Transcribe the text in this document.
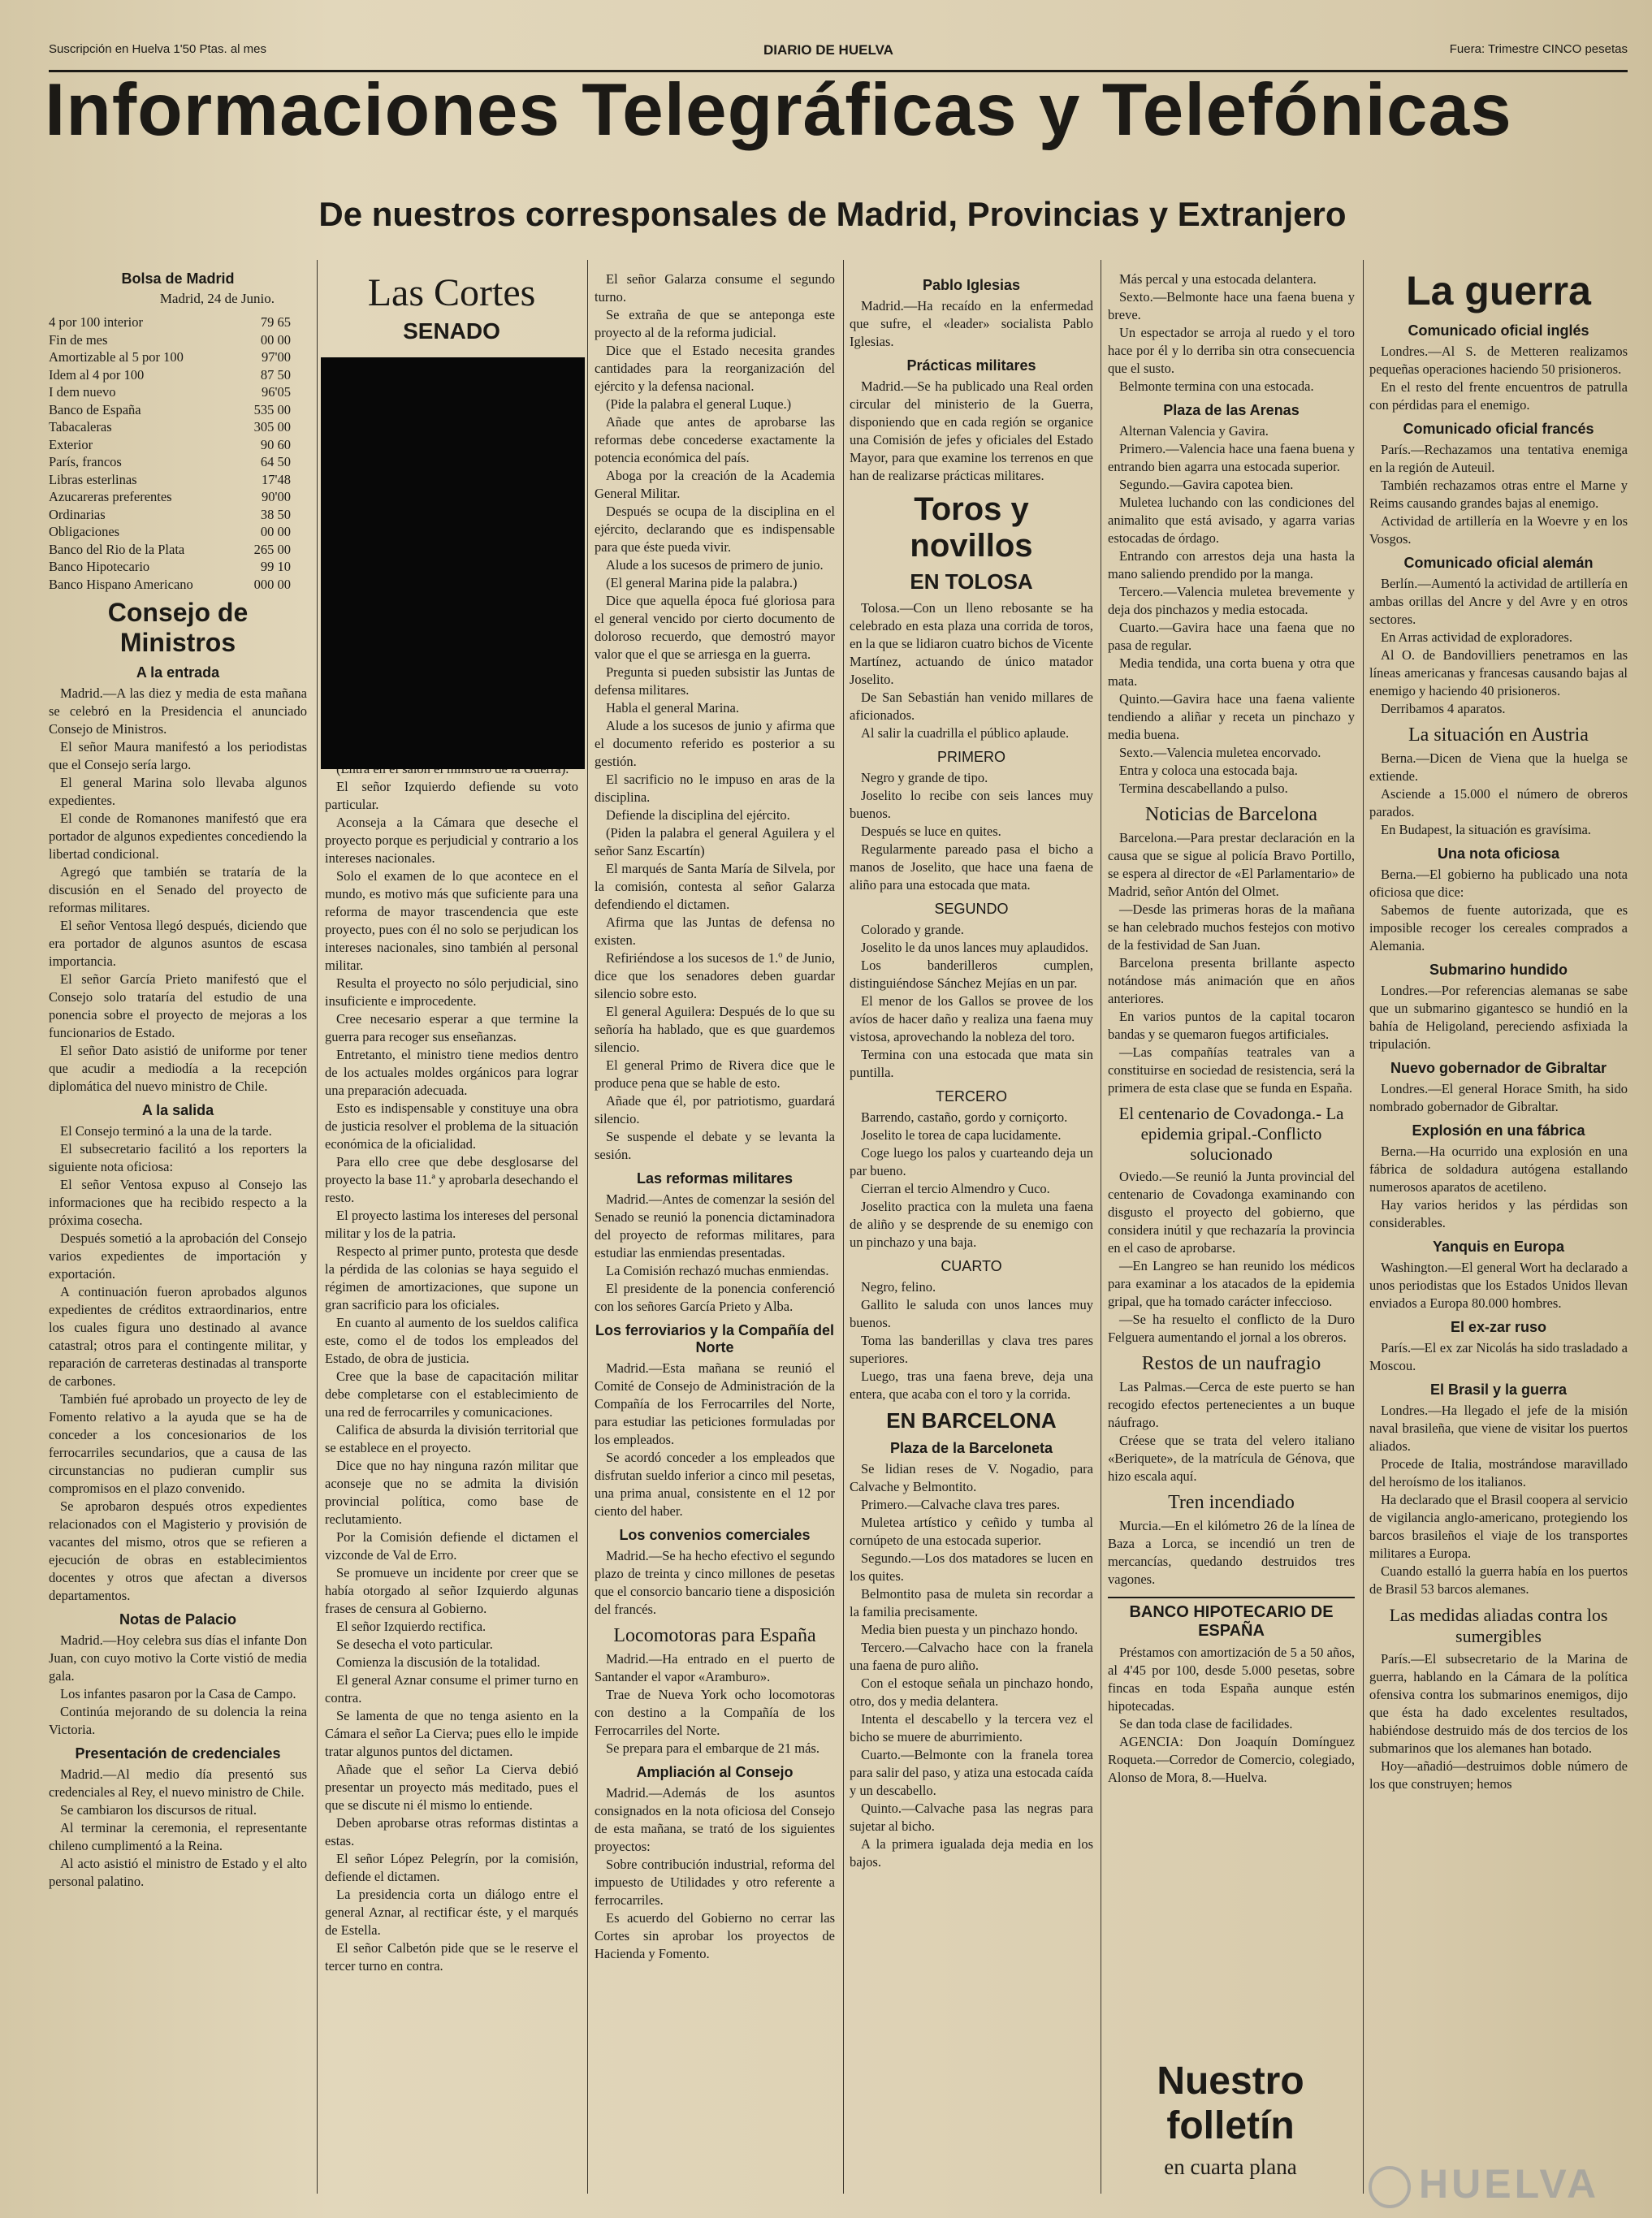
Suscripción en Huelva 1'50 Ptas. al mes	DIARIO DE HUELVA	Fuera: Trimestre CINCO pesetas
Informaciones Telegráficas y Telefónicas
De nuestros corresponsales de Madrid, Provincias y Extranjero
Bolsa de Madrid
Madrid, 24 de Junio.
4 por 100 interior	79 65
Fin de mes	00 00
Amortizable al 5 por 100	97'00
Idem al 4 por 100	87 50
I dem nuevo	96'05
Banco de España	535 00
Tabacaleras	305 00
Exterior	90 60
París, francos	64 50
Libras esterlinas	17'48
Azucareras preferentes	90'00
Ordinarias	38 50
Obligaciones	00 00
Banco del Rio de la Plata	265 00
Banco Hipotecario	99 10
Banco Hispano Americano	000 00
Consejo de Ministros
A la entrada

Madrid.—A las diez y media de esta mañana se celebró en la Presidencia el anunciado Consejo de Ministros.

El señor Maura manifestó a los periodistas que el Consejo sería largo.

El general Marina solo llevaba algunos expedientes.

El conde de Romanones manifestó que era portador de algunos expedientes concediendo la libertad condicional.

Agregó que también se trataría de la discusión en el Senado del proyecto de reformas militares.

El señor Ventosa llegó después, diciendo que era portador de algunos asuntos de escasa importancia.

El señor García Prieto manifestó que el Consejo solo trataría del estudio de una ponencia sobre el proyecto de mejoras a los funcionarios de Estado.

El señor Dato asistió de uniforme por tener que acudir a mediodía a la recepción diplomática del nuevo ministro de Chile.

A la salida

El Consejo terminó a la una de la tarde.

El subsecretario facilitó a los reporters la siguiente nota oficiosa:

El señor Ventosa expuso al Consejo las informaciones que ha recibido respecto a la próxima cosecha.

Después sometió a la aprobación del Consejo varios expedientes de importación y exportación.

A continuación fueron aprobados algunos expedientes de créditos extraordinarios, entre los cuales figura uno destinado al avance catastral; otros para el contingente militar, y reparación de carreteras destinadas al transporte de carbones.

También fué aprobado un proyecto de ley de Fomento relativo a la ayuda que se ha de conceder a los concesionarios de los ferrocarriles secundarios, que a causa de las circunstancias no pudieran cumplir sus compromisos en el plazo convenido.

Se aprobaron después otros expedientes relacionados con el Magisterio y provisión de vacantes del mismo, otros que se refieren a ejecución de obras en establecimientos docentes y otros que afectan a diversos departamentos.

Notas de Palacio

Madrid.—Hoy celebra sus días el infante Don Juan, con cuyo motivo la Corte vistió de media gala.

Los infantes pasaron por la Casa de Campo.

Continúa mejorando de su dolencia la reina Victoria.

Presentación de credenciales

Madrid.—Al medio día presentó sus credenciales al Rey, el nuevo ministro de Chile.

Se cambiaron los discursos de ritual.

Al terminar la ceremonia, el representante chileno cumplimentó a la Reina.

Al acto asistió el ministro de Estado y el alto personal palatino.

Las Cortes
SENADO

El señor Izquierdo defiende su voto particular.

Aconseja a la Cámara que deseche el proyecto porque es perjudicial y contrario a los intereses nacionales.

Solo el examen de lo que acontece en el mundo, es motivo más que suficiente para una reforma de mayor trascendencia que este proyecto, pues con él no solo se perjudican los intereses nacionales, sino también al personal militar.

Resulta el proyecto no sólo perjudicial, sino insuficiente e improcedente.

Cree necesario esperar a que termine la guerra para recoger sus enseñanzas.

Entretanto, el ministro tiene medios dentro de los actuales moldes orgánicos para lograr una preparación adecuada.

Esto es indispensable y constituye una obra de justicia resolver el problema de la situación económica de la oficialidad.

Para ello cree que debe desglosarse del proyecto la base 11.ª y aprobarla desechando el resto.

El proyecto lastima los intereses del personal militar y los de la patria.

Respecto al primer punto, protesta que desde la pérdida de las colonias se haya seguido el régimen de amortizaciones, que supone un gran sacrificio para los oficiales.

En cuanto al aumento de los sueldos califica este, como el de todos los empleados del Estado, de obra de justicia.

Cree que la base de capacitación militar debe completarse con el establecimiento de una red de ferrocarriles y comunicaciones.

Califica de absurda la división territorial que se establece en el proyecto.

Dice que no hay ninguna razón militar que aconseje que no se admita la división provincial política, como base de reclutamiento.

Por la Comisión defiende el dictamen el vizconde de Val de Erro.

Se promueve un incidente por creer que se había otorgado al señor Izquierdo algunas frases de censura al Gobierno.

El señor Izquierdo rectifica.

Se desecha el voto particular.

Comienza la discusión de la totalidad.

El general Aznar consume el primer turno en contra.

Se lamenta de que no tenga asiento en la Cámara el señor La Cierva; pues ello le impide tratar algunos puntos del dictamen.

Añade que el señor La Cierva debió presentar un proyecto más meditado, pues el que se discute ni él mismo lo entiende.

Deben aprobarse otras reformas distintas a estas.

El señor López Pelegrín, por la comisión, defiende el dictamen.

La presidencia corta un diálogo entre el general Aznar, al rectificar éste, y el marqués de Estella.

El señor Calbetón pide que se le reserve el tercer turno en contra.

El señor Galarza consume el segundo turno.

Se extraña de que se anteponga este proyecto al de la reforma judicial.

Dice que el Estado necesita grandes cantidades para la reorganización del ejército y la defensa nacional.

(Pide la palabra el general Luque.)

Añade que antes de aprobarse las reformas debe concederse exactamente la potencia económica del país.

Aboga por la creación de la Academia General Militar.

Después se ocupa de la disciplina en el ejército, declarando que es indispensable para que éste pueda vivir.

Alude a los sucesos de primero de junio.

(El general Marina pide la palabra.)

Dice que aquella época fué gloriosa para el general vencido por cierto documento de doloroso recuerdo, que demostró mayor valor que el que se arriesga en la guerra.

Pregunta si pueden subsistir las Juntas de defensa militares.

Habla el general Marina.

Alude a los sucesos de junio y afirma que el documento referido es posterior a su gestión.

El sacrificio no le impuso en aras de la disciplina.

Defiende la disciplina del ejército.

(Piden la palabra el general Aguilera y el señor Sanz Escartín)

El marqués de Santa María de Silvela, por la comisión, contesta al señor Galarza defendiendo el dictamen.

Afirma que las Juntas de defensa no existen.

Refiriéndose a los sucesos de 1.º de Junio, dice que los senadores deben guardar silencio sobre esto.

El general Aguilera: Después de lo que su señoría ha hablado, que es que guardemos silencio.

El general Primo de Rivera dice que le produce pena que se hable de esto.

Añade que él, por patriotismo, guardará silencio.

Se suspende el debate y se levanta la sesión.

Las reformas militares

Madrid.—Antes de comenzar la sesión del Senado se reunió la ponencia dictaminadora del proyecto de reformas militares, para estudiar las enmiendas presentadas.

La Comisión rechazó muchas enmiendas.

El presidente de la ponencia conferenció con los señores García Prieto y Alba.

Los ferroviarios y la Compañía del Norte

Madrid.—Esta mañana se reunió el Comité de Consejo de Administración de la Compañía de los Ferrocarriles del Norte, para estudiar las peticiones formuladas por los empleados.

Se acordó conceder a los empleados que disfrutan sueldo inferior a cinco mil pesetas, una prima anual, consistente en el 12 por ciento del haber.

Los convenios comerciales

Madrid.—Se ha hecho efectivo el segundo plazo de treinta y cinco millones de pesetas que el consorcio bancario tiene a disposición del francés.

Locomotoras para España

Madrid.—Ha entrado en el puerto de Santander el vapor «Aramburo».

Trae de Nueva York ocho locomotoras con destino a la Compañía de los Ferrocarriles del Norte.

Se prepara para el embarque de 21 más.

Ampliación al Consejo

Madrid.—Además de los asuntos consignados en la nota oficiosa del Consejo de esta mañana, se trató de los siguientes proyectos:

Sobre contribución industrial, reforma del impuesto de Utilidades y otro referente a ferrocarriles.

Es acuerdo del Gobierno no cerrar las Cortes sin aprobar los proyectos de Hacienda y Fomento.

Pablo Iglesias

Madrid.—Ha recaído en la enfermedad que sufre, el «leader» socialista Pablo Iglesias.

Prácticas militares

Madrid.—Se ha publicado una Real orden circular del ministerio de la Guerra, disponiendo que en cada región se organice una Comisión de jefes y oficiales del Estado Mayor, para que examine los terrenos en que han de realizarse prácticas militares.

Toros y novillos
EN TOLOSA

Tolosa.—Con un lleno rebosante se ha celebrado en esta plaza una corrida de toros, en la que se lidiaron cuatro bichos de Vicente Martínez, actuando de único matador Joselito.

De San Sebastián han venido millares de aficionados.

Al salir la cuadrilla el público aplaude.

PRIMERO

Negro y grande de tipo.

Joselito lo recibe con seis lances muy buenos.

Después se luce en quites.

Regularmente pareado pasa el bicho a manos de Joselito, que hace una faena de aliño para una estocada que mata.

SEGUNDO

Colorado y grande.

Joselito le da unos lances muy aplaudidos.

Los banderilleros cumplen, distinguiéndose Sánchez Mejías en un par.

El menor de los Gallos se provee de los avíos de hacer daño y realiza una faena muy vistosa, aprovechando la nobleza del toro.

Termina con una estocada que mata sin puntilla.

TERCERO

Barrendo, castaño, gordo y corniçorto.

Joselito le torea de capa lucidamente.

Coge luego los palos y cuarteando deja un par bueno.

Cierran el tercio Almendro y Cuco.

Joselito practica con la muleta una faena de aliño y se desprende de su enemigo con un pinchazo y una baja.

CUARTO

Negro, felino.

Gallito le saluda con unos lances muy buenos.

Toma las banderillas y clava tres pares superiores.

Luego, tras una faena breve, deja una entera, que acaba con el toro y la corrida.

EN BARCELONA
Plaza de la Barceloneta

Se lidian reses de V. Nogadio, para Calvache y Belmontito.

Primero.—Calvache clava tres pares.

Muletea artístico y ceñido y tumba al cornúpeto de una estocada superior.

Segundo.—Los dos matadores se lucen en los quites.

Belmontito pasa de muleta sin recordar a la familia precisamente.

Media bien puesta y un pinchazo hondo.

Tercero.—Calvacho hace con la franela una faena de puro aliño.

Con el estoque señala un pinchazo hondo, otro, dos y media delantera.

Intenta el descabello y la tercera vez el bicho se muere de aburrimiento.

Cuarto.—Belmonte con la franela torea para salir del paso, y atiza una estocada caída y un descabello.

Quinto.—Calvache pasa las negras para sujetar al bicho.

A la primera igualada deja media en los bajos.

Más percal y una estocada delantera.

Sexto.—Belmonte hace una faena buena y breve.

Un espectador se arroja al ruedo y el toro hace por él y lo derriba sin otra consecuencia que el susto.

Belmonte termina con una estocada.

Plaza de las Arenas

Alternan Valencia y Gavira.

Primero.—Valencia hace una faena buena y entrando bien agarra una estocada superior.

Segundo.—Gavira capotea bien.

Muletea luchando con las condiciones del animalito que está avisado, y agarra varias estocadas de órdago.

Entrando con arrestos deja una hasta la mano saliendo prendido por la manga.

Tercero.—Valencia muletea brevemente y deja dos pinchazos y media estocada.

Cuarto.—Gavira hace una faena que no pasa de regular.

Media tendida, una corta buena y otra que mata.

Quinto.—Gavira hace una faena valiente tendiendo a aliñar y receta un pinchazo y media buena.

Sexto.—Valencia muletea encorvado.

Entra y coloca una estocada baja.

Termina descabellando a pulso.

Noticias de Barcelona

Barcelona.—Para prestar declaración en la causa que se sigue al policía Bravo Portillo, se espera al director de «El Parlamentario» de Madrid, señor Antón del Olmet.

—Desde las primeras horas de la mañana se han celebrado muchos festejos con motivo de la festividad de San Juan.

Barcelona presenta brillante aspecto notándose más animación que en años anteriores.

En varios puntos de la capital tocaron bandas y se quemaron fuegos artificiales.

—Las compañías teatrales van a constituirse en sociedad de resistencia, será la primera de esta clase que se funda en España.

El centenario de Covadonga.- La epidemia gripal.-Conflicto solucionado

Oviedo.—Se reunió la Junta provincial del centenario de Covadonga examinando con disgusto el proyecto del gobierno, que considera inútil y que rechazaría la provincia en el caso de aprobarse.

—En Langreo se han reunido los médicos para examinar a los atacados de la epidemia gripal, que ha tomado carácter infeccioso.

—Se ha resuelto el conflicto de la Duro Felguera aumentando el jornal a los obreros.

Restos de un naufragio

Las Palmas.—Cerca de este puerto se han recogido efectos pertenecientes a un buque náufrago.

Créese que se trata del velero italiano «Beriquete», de la matrícula de Génova, que hizo escala aquí.

Tren incendiado

Murcia.—En el kilómetro 26 de la línea de Baza a Lorca, se incendió un tren de mercancías, quedando destruidos tres vagones.

BANCO HIPOTECARIO DE ESPAÑA

Préstamos con amortización de 5 a 50 años, al 4'45 por 100, desde 5.000 pesetas, sobre fincas en toda España aunque estén hipotecadas.

Se dan toda clase de facilidades.

AGENCIA: Don Joaquín Domínguez Roqueta.—Corredor de Comercio, colegiado, Alonso de Mora, 8.—Huelva.

Nuestro folletín
en cuarta plana
La guerra
Comunicado oficial inglés

Londres.—Al S. de Metteren realizamos pequeñas operaciones haciendo 50 prisioneros.

En el resto del frente encuentros de patrulla con pérdidas para el enemigo.

Comunicado oficial francés

París.—Rechazamos una tentativa enemiga en la región de Auteuil.

También rechazamos otras entre el Marne y Reims causando grandes bajas al enemigo.

Actividad de artillería en la Woevre y en los Vosgos.

Comunicado oficial alemán

Berlín.—Aumentó la actividad de artillería en ambas orillas del Ancre y del Avre y en otros sectores.

En Arras actividad de exploradores.

Al O. de Bandovilliers penetramos en las líneas americanas y francesas causando bajas al enemigo y haciendo 40 prisioneros.

Derribamos 4 aparatos.

La situación en Austria

Berna.—Dicen de Viena que la huelga se extiende.

Asciende a 15.000 el número de obreros parados.

En Budapest, la situación es gravísima.

Una nota oficiosa

Berna.—El gobierno ha publicado una nota oficiosa que dice:

Sabemos de fuente autorizada, que es imposible recoger los cereales comprados a Alemania.

Submarino hundido

Londres.—Por referencias alemanas se sabe que un submarino gigantesco se hundió en la bahía de Heligoland, pereciendo asfixiada la tripulación.

Nuevo gobernador de Gibraltar

Londres.—El general Horace Smith, ha sido nombrado gobernador de Gibraltar.

Explosión en una fábrica

Berna.—Ha ocurrido una explosión en una fábrica de soldadura autógena estallando numerosos aparatos de acetileno.

Hay varios heridos y las pérdidas son considerables.

Yanquis en Europa

Washington.—El general Wort ha declarado a unos periodistas que los Estados Unidos llevan enviados a Europa 80.000 hombres.

El ex-zar ruso

París.—El ex zar Nicolás ha sido trasladado a Moscou.

El Brasil y la guerra

Londres.—Ha llegado el jefe de la misión naval brasileña, que viene de visitar los puertos aliados.

Procede de Italia, mostrándose maravillado del heroísmo de los italianos.

Ha declarado que el Brasil coopera al servicio de vigilancia anglo-americano, protegiendo los barcos brasileños el viaje de los transportes militares a Europa.

Cuando estalló la guerra había en los puertos de Brasil 53 barcos alemanes.

Las medidas aliadas contra los sumergibles

París.—El subsecretario de la Marina de guerra, hablando en la Cámara de la política ofensiva contra los submarinos enemigos, dijo que ésta ha dado excelentes resultados, habiéndose destruido más de dos tercios de los submarinos que los alemanes han botado.

Hoy—añadió—destruimos doble número de los que construyen; hemos

HUELVA
